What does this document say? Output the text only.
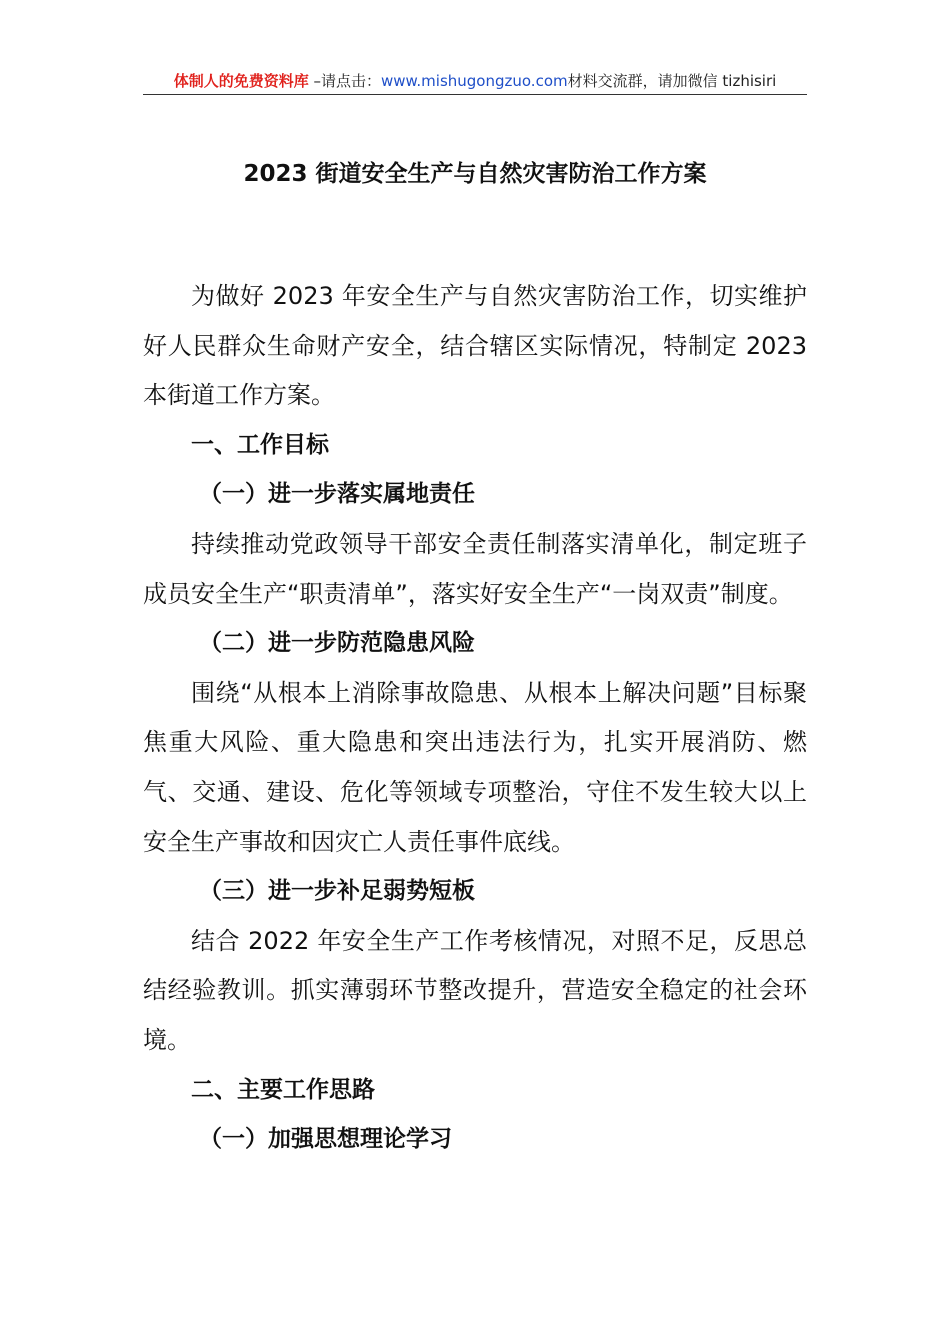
体制人的免费资料库 –请点击：www.mishugongzuo.com材料交流群，请加微信 tizhisiri
2023 街道安全生产与自然灾害防治工作方案

为做好 2023 年安全生产与自然灾害防治工作，切实维护好人民群众生命财产安全，结合辖区实际情况，特制定 2023 本街道工作方案。

一、工作目标

（一）进一步落实属地责任

持续推动党政领导干部安全责任制落实清单化，制定班子成员安全生产“职责清单”，落实好安全生产“一岗双责”制度。

（二）进一步防范隐患风险

围绕“从根本上消除事故隐患、从根本上解决问题”目标聚焦重大风险、重大隐患和突出违法行为，扎实开展消防、燃气、交通、建设、危化等领域专项整治，守住不发生较大以上安全生产事故和因灾亡人责任事件底线。

（三）进一步补足弱势短板

结合 2022 年安全生产工作考核情况，对照不足，反思总结经验教训。抓实薄弱环节整改提升，营造安全稳定的社会环境。

二、主要工作思路

（一）加强思想理论学习
